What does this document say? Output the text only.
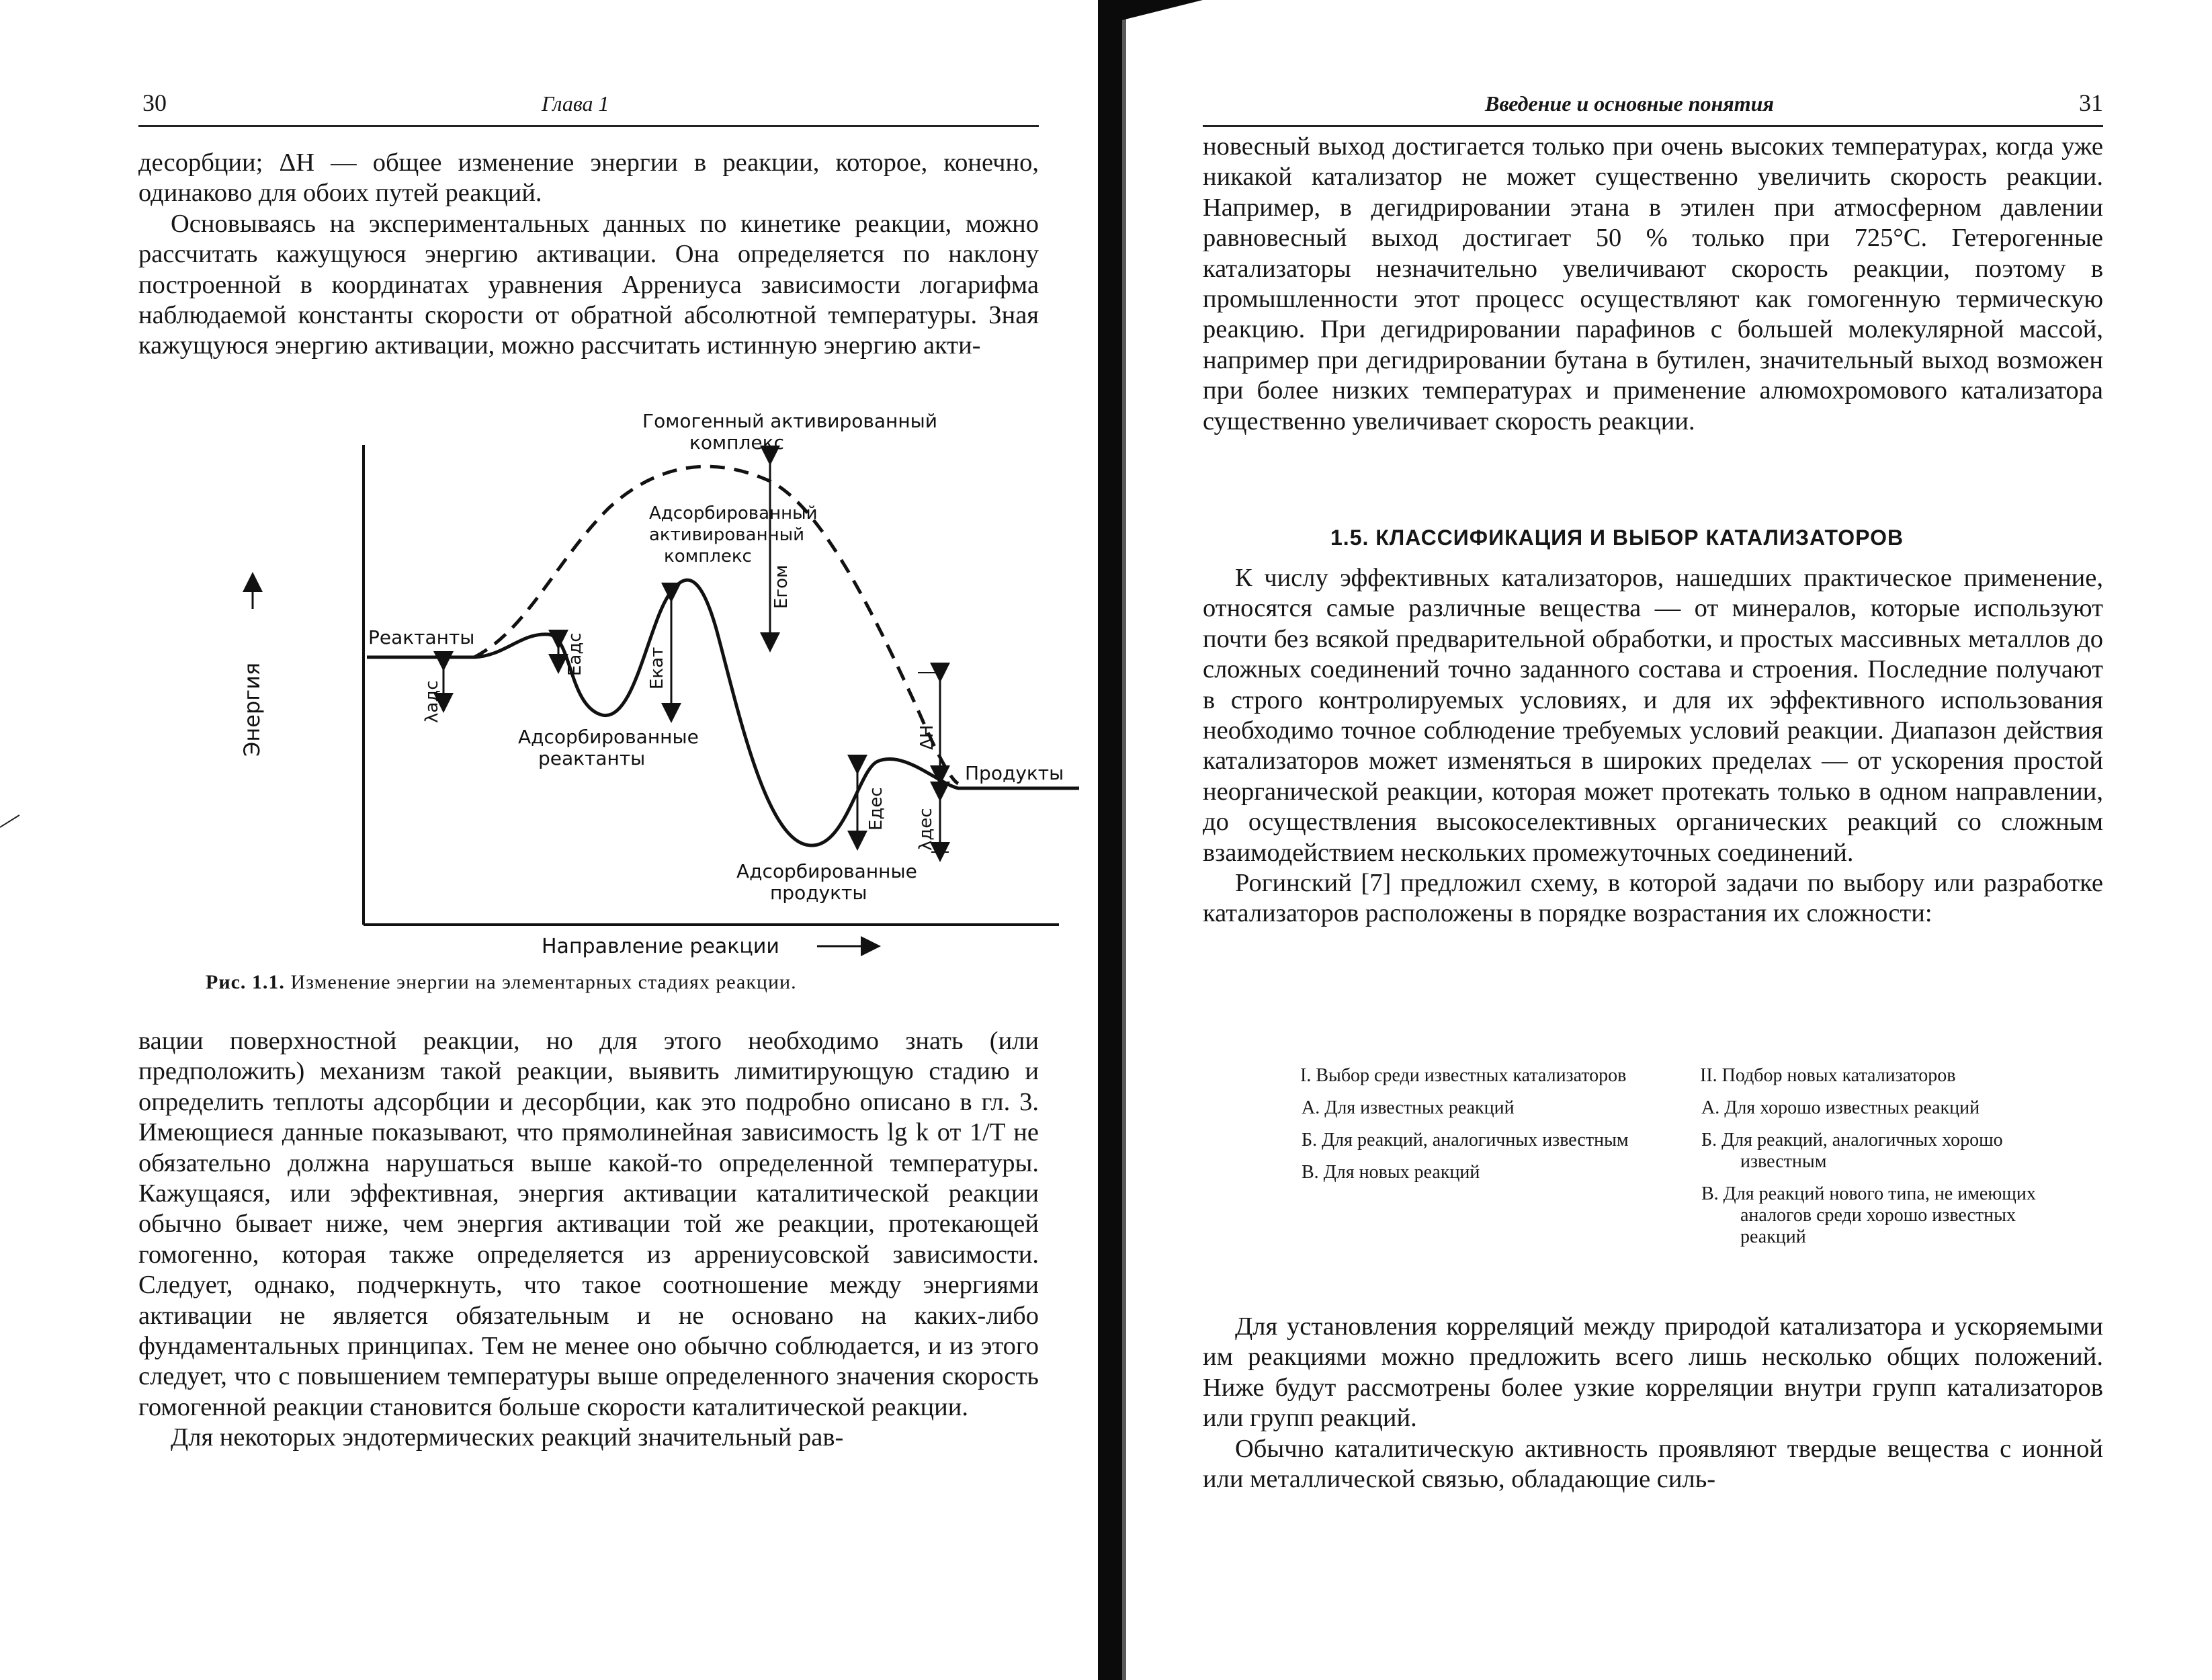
30	Глава 1

десорбции; ΔH — общее изменение энергии в реакции, которое, конечно, одинаково для обоих путей реакций.

Основываясь на экспериментальных данных по кинетике реакции, можно рассчитать кажущуюся энергию активации. Она определяется по наклону построенной в координатах уравнения Аррениуса зависимости логарифма наблюдаемой константы скорости от обратной абсолютной температуры. Зная кажущуюся энергию активации, можно рассчитать истинную энергию акти-

Гомогенный активированный
комплекс
Адсорбированный
активированный
комплекс
Реактанты
Продукты
Адсорбированные
реактанты
Адсорбированные
продукты
Направление реакции
Энергия	λадс
Eадс	Eкат
Eгом
ΔH
Eдес λдес
Рис. 1.1. Изменение энергии на элементарных стадиях реакции.

вации поверхностной реакции, но для этого необходимо знать (или предположить) механизм такой реакции, выявить лимитирующую стадию и определить теплоты адсорбции и десорбции, как это подробно описано в гл. 3. Имеющиеся данные показывают, что прямолинейная зависимость lg k от 1/T не обязательно должна нарушаться выше какой-то определенной температуры. Кажущаяся, или эффективная, энергия активации каталитической реакции обычно бывает ниже, чем энергия активации той же реакции, протекающей гомогенно, которая также определяется из аррениусовской зависимости. Следует, однако, подчеркнуть, что такое соотношение между энергиями активации не является обязательным и не основано на каких-либо фундаментальных принципах. Тем не менее оно обычно соблюдается, и из этого следует, что с повышением температуры выше определенного значения скорость гомогенной реакции становится больше скорости каталитической реакции.

Для некоторых эндотермических реакций значительный рав-

Введение и основные понятия	31

новесный выход достигается только при очень высоких температурах, когда уже никакой катализатор не может существенно увеличить скорость реакции. Например, в дегидрировании этана в этилен при атмосферном давлении равновесный выход достигает 50 % только при 725°С. Гетерогенные катализаторы незначительно увеличивают скорость реакции, поэтому в промышленности этот процесс осуществляют как гомогенную термическую реакцию. При дегидрировании парафинов с большей молекулярной массой, например при дегидрировании бутана в бутилен, значительный выход возможен при более низких температурах и применение алюмохромового катализатора существенно увеличивает скорость реакции.

1.5. КЛАССИФИКАЦИЯ И ВЫБОР КАТАЛИЗАТОРОВ

К числу эффективных катализаторов, нашедших практическое применение, относятся самые различные вещества — от минералов, которые используют почти без всякой предварительной обработки, и простых массивных металлов до сложных соединений точно заданного состава и строения. Последние получают в строго контролируемых условиях, и для их эффективного использования необходимо точное соблюдение требуемых условий реакции. Диапазон действия катализаторов может изменяться в широких пределах — от ускорения простой неорганической реакции, которая может протекать только в одном направлении, до осуществления высокоселективных органических реакций со сложным взаимодействием нескольких промежуточных соединений.

Рогинский [7] предложил схему, в которой задачи по выбору или разработке катализаторов расположены в порядке возрастания их сложности:

I. Выбор среди известных катализаторов
А. Для известных реакций
Б. Для реакций, аналогичных известным
В. Для новых реакций
II. Подбор новых катализаторов
А. Для хорошо известных реакций
Б. Для реакций, аналогичных хорошо известным
В. Для реакций нового типа, не имеющих аналогов среди хорошо известных реакций

Для установления корреляций между природой катализатора и ускоряемыми им реакциями можно предложить всего лишь несколько общих положений. Ниже будут рассмотрены более узкие корреляции внутри групп катализаторов или групп реакций.

Обычно каталитическую активность проявляют твердые вещества с ионной или металлической связью, обладающие силь-
